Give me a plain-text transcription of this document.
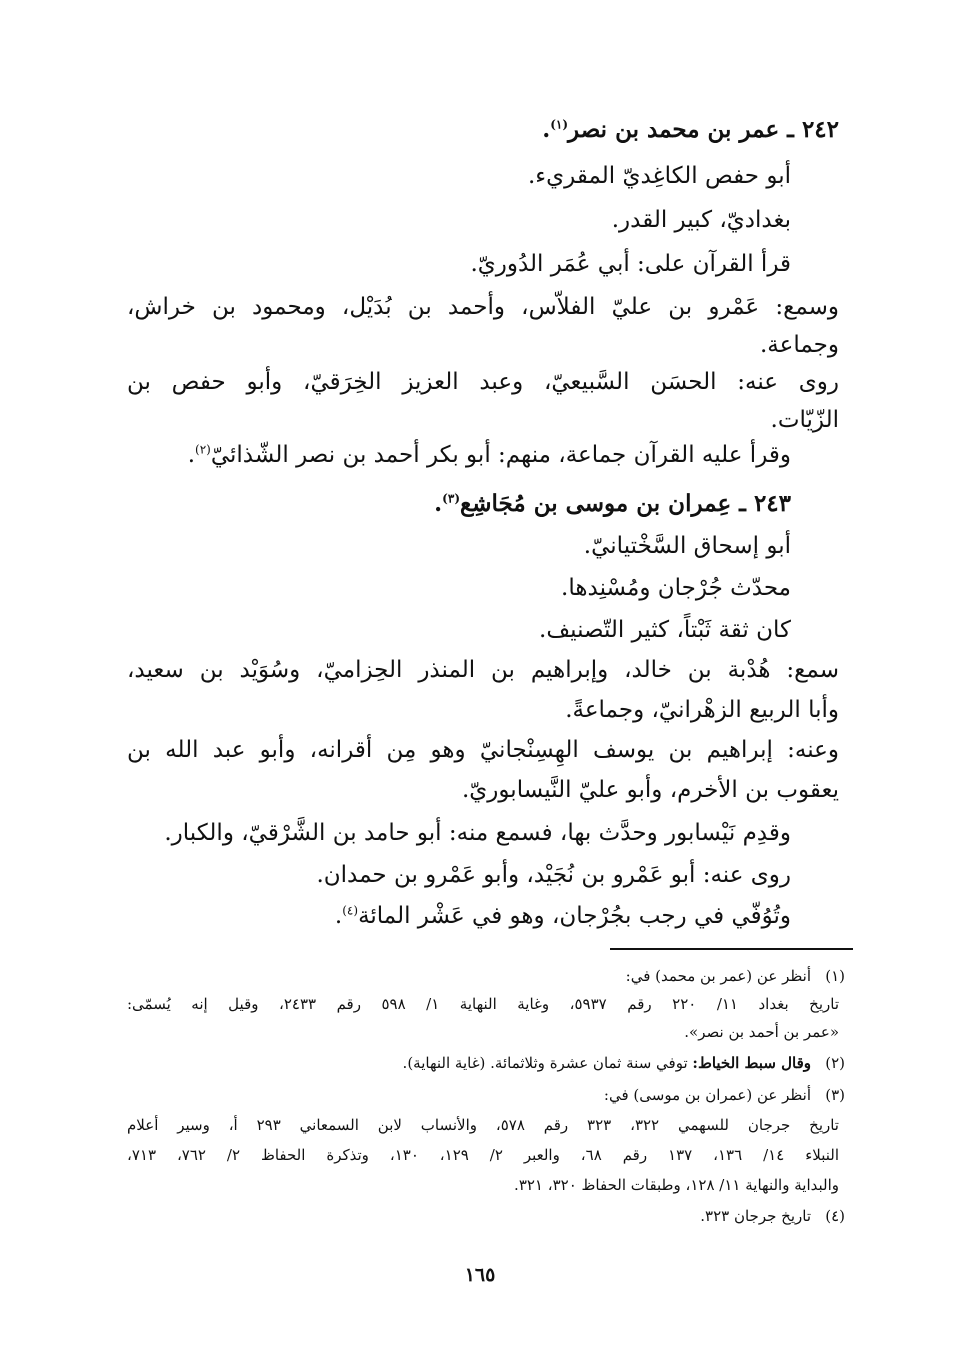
٢٤٢ ـ عمر بن محمد بن نصر$^{(١)}$.

أبو حفص الكاغِديّ المقريء.

بغداديّ، كبير القدر.

قرأ القرآن على: أبي عُمَر الدُوريّ.

وسمع: عَمْرو بن عليّ الفلاّس، وأحمد بن بُدَيْل، ومحمود بن خراش،

وجماعة.

روى عنه: الحسَن السَّبيعيّ، وعبد العزيز الخِرَقيّ، وأبو حفص بن

الزّيّات.

وقرأ عليه القرآن جماعة، منهم: أبو بكر أحمد بن نصر الشّذائيّ$^{(٢)}$.

٢٤٣ ـ عِمران بن موسى بن مُجَاشِع$^{(٣)}$.

أبو إسحاق السَّخْتيانيّ.

محدّث جُرْجان ومُسْنِدها.

كان ثقة ثَبْتاً، كثير التّصنيف.

سمع: هُدْبة بن خالد، وإبراهيم بن المنذر الحِزاميّ، وسُوَيْد بن سعيد،

وأبا الربيع الزهْرانيّ، وجماعةً.

وعنه: إبراهيم بن يوسف الهِسِنْجانيّ وهو مِن أقرانه، وأبو عبد الله بن

يعقوب بن الأخرم، وأبو عليّ النَّيسابوريّ.

وقدِم نَيْسابور وحدَّث بها، فسمع منه: أبو حامد بن الشَّرْقيّ، والكبار.

روى عنه: أبو عَمْرو بن نُجَيْد، وأبو عَمْرو بن حمدان.

وتُوُفّي في رجب بجُرْجان، وهو في عَشْر المائة$^{(٤)}$.

(١)أنظر عن (عمر بن محمد) في:

تاريخ بغداد ١١/ ٢٢٠ رقم ٥٩٣٧، وغاية النهاية ١/ ٥٩٨ رقم ٢٤٣٣، وقيل إنه يُسمّى:

«عمر بن أحمد بن نصر».

(٢)وقال سبط الخياط: توفي سنة ثمان عشرة وثلاثمائة. (غاية النهاية).

(٣)أنظر عن (عمران بن موسى) في:

تاريخ جرجان للسهمي ٣٢٢، ٣٢٣ رقم ٥٧٨، والأنساب لابن السمعاني ٢٩٣ أ، وسير أعلام

النبلاء ١٤/ ١٣٦، ١٣٧ رقم ٦٨، والعبر ٢/ ١٢٩، ١٣٠، وتذكرة الحفاظ ٢/ ٧٦٢، ٧١٣،

والبداية والنهاية ١١/ ١٢٨، وطبقات الحفاظ ٣٢٠، ٣٢١.

(٤)تاريخ جرجان ٣٢٣.

١٦٥
